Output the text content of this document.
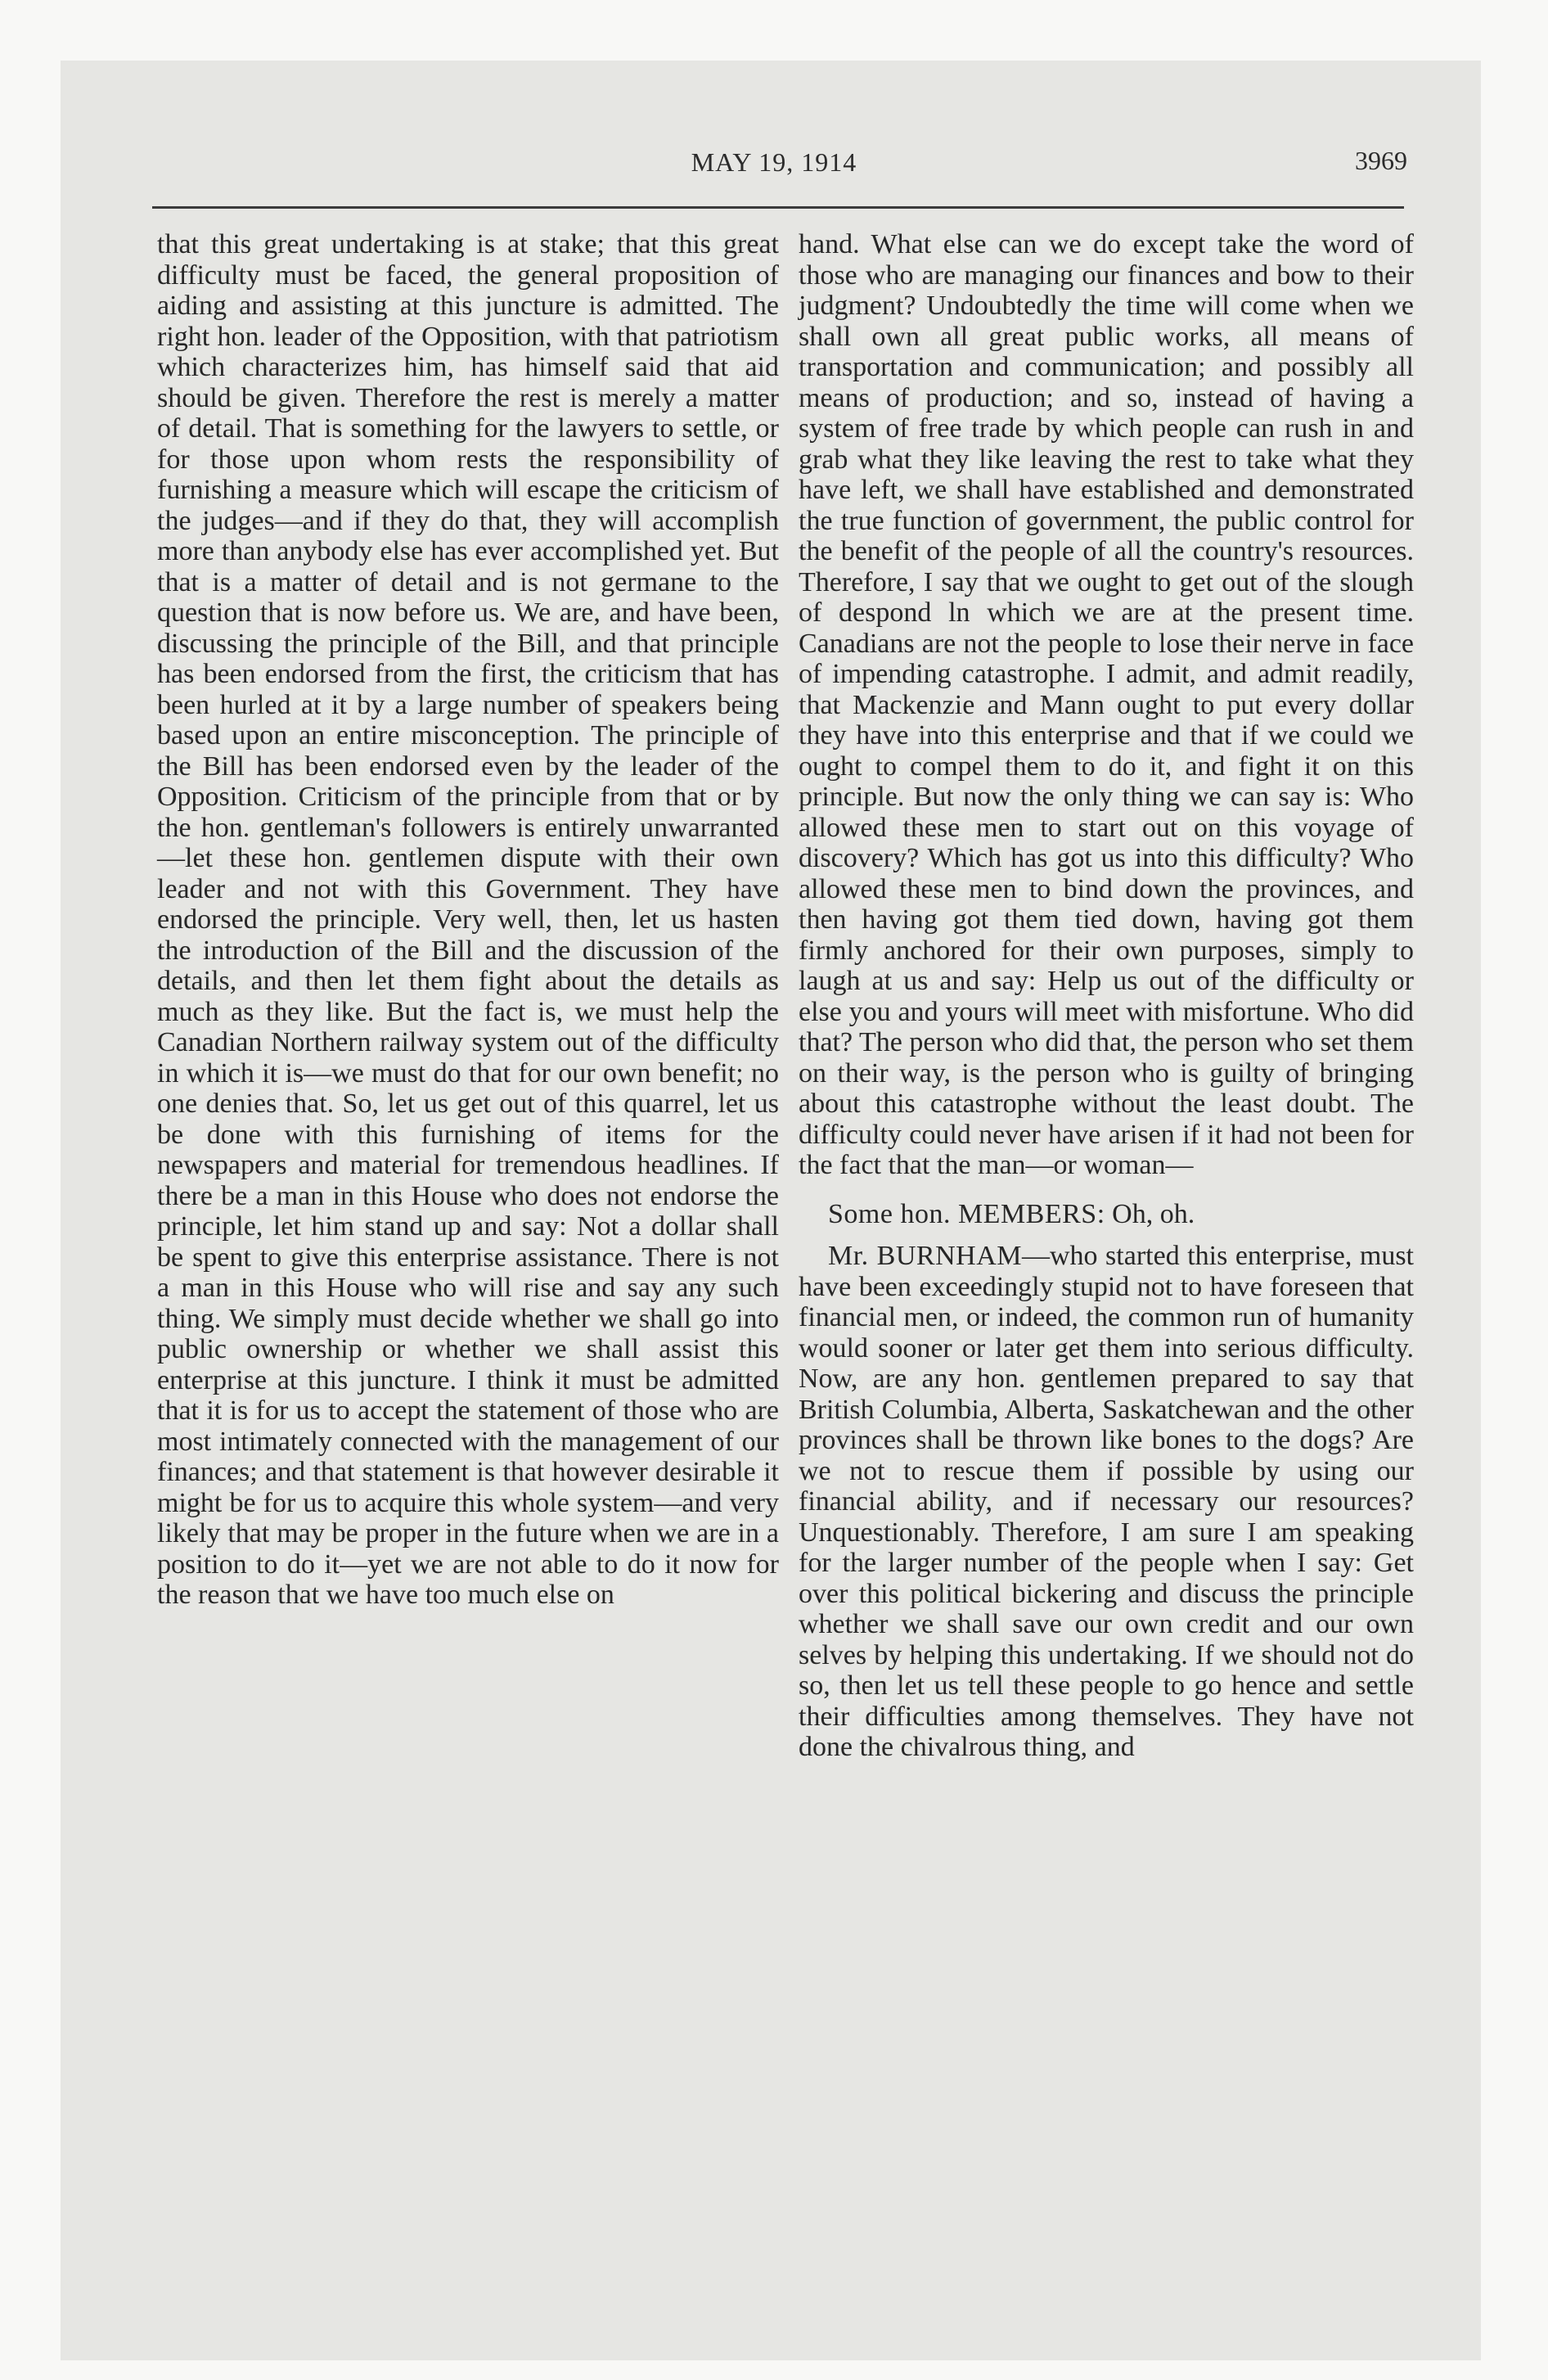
MAY 19, 1914	3969

that this great undertaking is at stake; that this great difficulty must be faced, the general proposition of aiding and assisting at this juncture is admitted. The right hon. leader of the Opposition, with that patriotism which characterizes him, has himself said that aid should be given. Therefore the rest is merely a matter of detail. That is something for the lawyers to settle, or for those upon whom rests the responsibility of furnishing a measure which will escape the criticism of the judges—and if they do that, they will accomplish more than anybody else has ever accomplished yet. But that is a matter of detail and is not germane to the question that is now before us. We are, and have been, discussing the principle of the Bill, and that principle has been endorsed from the first, the criticism that has been hurled at it by a large number of speakers being based upon an entire misconception. The principle of the Bill has been endorsed even by the leader of the Opposition. Criticism of the principle from that or by the hon. gentleman's followers is entirely unwarranted—let these hon. gentlemen dispute with their own leader and not with this Government. They have endorsed the principle. Very well, then, let us hasten the introduction of the Bill and the discussion of the details, and then let them fight about the details as much as they like. But the fact is, we must help the Canadian Northern railway system out of the difficulty in which it is—we must do that for our own benefit; no one denies that. So, let us get out of this quarrel, let us be done with this furnishing of items for the newspapers and material for tremendous headlines. If there be a man in this House who does not endorse the principle, let him stand up and say: Not a dollar shall be spent to give this enterprise assistance. There is not a man in this House who will rise and say any such thing. We simply must decide whether we shall go into public ownership or whether we shall assist this enterprise at this juncture. I think it must be admitted that it is for us to accept the statement of those who are most intimately connected with the management of our finances; and that statement is that however desirable it might be for us to acquire this whole system—and very likely that may be proper in the future when we are in a position to do it—yet we are not able to do it now for the reason that we have too much else on

hand. What else can we do except take the word of those who are managing our finances and bow to their judgment? Undoubtedly the time will come when we shall own all great public works, all means of transportation and communication; and possibly all means of production; and so, instead of having a system of free trade by which people can rush in and grab what they like leaving the rest to take what they have left, we shall have established and demonstrated the true function of government, the public control for the benefit of the people of all the country's resources. Therefore, I say that we ought to get out of the slough of despond ln which we are at the present time. Canadians are not the people to lose their nerve in face of impending catastrophe. I admit, and admit readily, that Mackenzie and Mann ought to put every dollar they have into this enterprise and that if we could we ought to compel them to do it, and fight it on this principle. But now the only thing we can say is: Who allowed these men to start out on this voyage of discovery? Which has got us into this difficulty? Who allowed these men to bind down the provinces, and then having got them tied down, having got them firmly anchored for their own purposes, simply to laugh at us and say: Help us out of the difficulty or else you and yours will meet with misfortune. Who did that? The person who did that, the person who set them on their way, is the person who is guilty of bringing about this catastrophe without the least doubt. The difficulty could never have arisen if it had not been for the fact that the man—or woman—

Some hon. MEMBERS: Oh, oh.

Mr. BURNHAM—who started this enterprise, must have been exceedingly stupid not to have foreseen that financial men, or indeed, the common run of humanity would sooner or later get them into serious difficulty. Now, are any hon. gentlemen prepared to say that British Columbia, Alberta, Saskatchewan and the other provinces shall be thrown like bones to the dogs? Are we not to rescue them if possible by using our financial ability, and if necessary our resources? Unquestionably. Therefore, I am sure I am speaking for the larger number of the people when I say: Get over this political bickering and discuss the principle whether we shall save our own credit and our own selves by helping this undertaking. If we should not do so, then let us tell these people to go hence and settle their difficulties among themselves. They have not done the chivalrous thing, and
